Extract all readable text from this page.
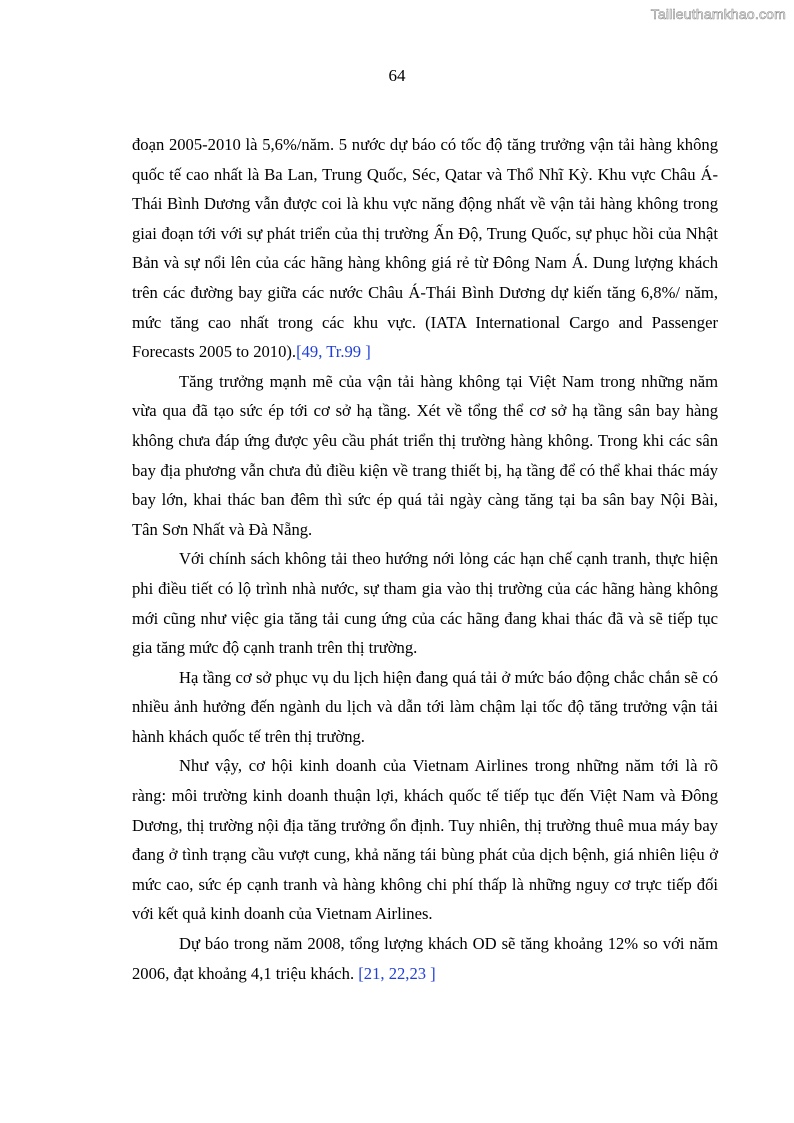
Tailieuthamkhao.com
64

đoạn 2005-2010 là 5,6%/năm. 5 nước dự báo có tốc độ tăng trưởng vận tải hàng không quốc tế cao nhất là Ba Lan, Trung Quốc, Séc, Qatar và Thổ Nhĩ Kỳ. Khu vực Châu Á-Thái Bình Dương vẫn được coi là khu vực năng động nhất về vận tải hàng không trong giai đoạn tới với sự phát triển của thị trường Ấn Độ, Trung Quốc, sự phục hồi của Nhật Bản và sự nổi lên của các hãng hàng không giá rẻ từ Đông Nam Á. Dung lượng khách trên các đường bay giữa các nước Châu Á-Thái Bình Dương dự kiến tăng 6,8%/ năm, mức tăng cao nhất trong các khu vực. (IATA International Cargo and Passenger Forecasts 2005 to 2010).[49, Tr.99 ]

Tăng trưởng mạnh mẽ của vận tải hàng không tại Việt Nam trong những năm vừa qua đã tạo sức ép tới cơ sở hạ tầng. Xét về tổng thể cơ sở hạ tầng sân bay hàng không chưa đáp ứng được yêu cầu phát triển thị trường hàng không. Trong khi các sân bay địa phương vẫn chưa đủ điều kiện về trang thiết bị, hạ tầng để có thể khai thác máy bay lớn, khai thác ban đêm thì sức ép quá tải ngày càng tăng tại ba sân bay Nội Bài, Tân Sơn Nhất và Đà Nẵng.

Với chính sách không tải theo hướng nới lỏng các hạn chế cạnh tranh, thực hiện phi điều tiết có lộ trình nhà nước, sự tham gia vào thị trường của các hãng hàng không mới cũng như việc gia tăng tải cung ứng của các hãng đang khai thác đã và sẽ tiếp tục gia tăng mức độ cạnh tranh trên thị trường.

Hạ tầng cơ sở phục vụ du lịch hiện đang quá tải ở mức báo động chắc chắn sẽ có nhiều ảnh hưởng đến ngành du lịch và dẫn tới làm chậm lại tốc độ tăng trưởng vận tải hành khách quốc tế trên thị trường.

Như vậy, cơ hội kinh doanh của Vietnam Airlines trong những năm tới là rõ ràng: môi trường kinh doanh thuận lợi, khách quốc tế tiếp tục đến Việt Nam và Đông Dương, thị trường nội địa tăng trưởng ổn định. Tuy nhiên, thị trường thuê mua máy bay đang ở tình trạng cầu vượt cung, khả năng tái bùng phát của dịch bệnh, giá nhiên liệu ở mức cao, sức ép cạnh tranh và hàng không chi phí thấp là những nguy cơ trực tiếp đối với kết quả kinh doanh của Vietnam Airlines.

Dự báo trong năm 2008, tổng lượng khách OD sẽ tăng khoảng 12% so với năm 2006, đạt khoảng 4,1 triệu khách. [21, 22,23 ]
